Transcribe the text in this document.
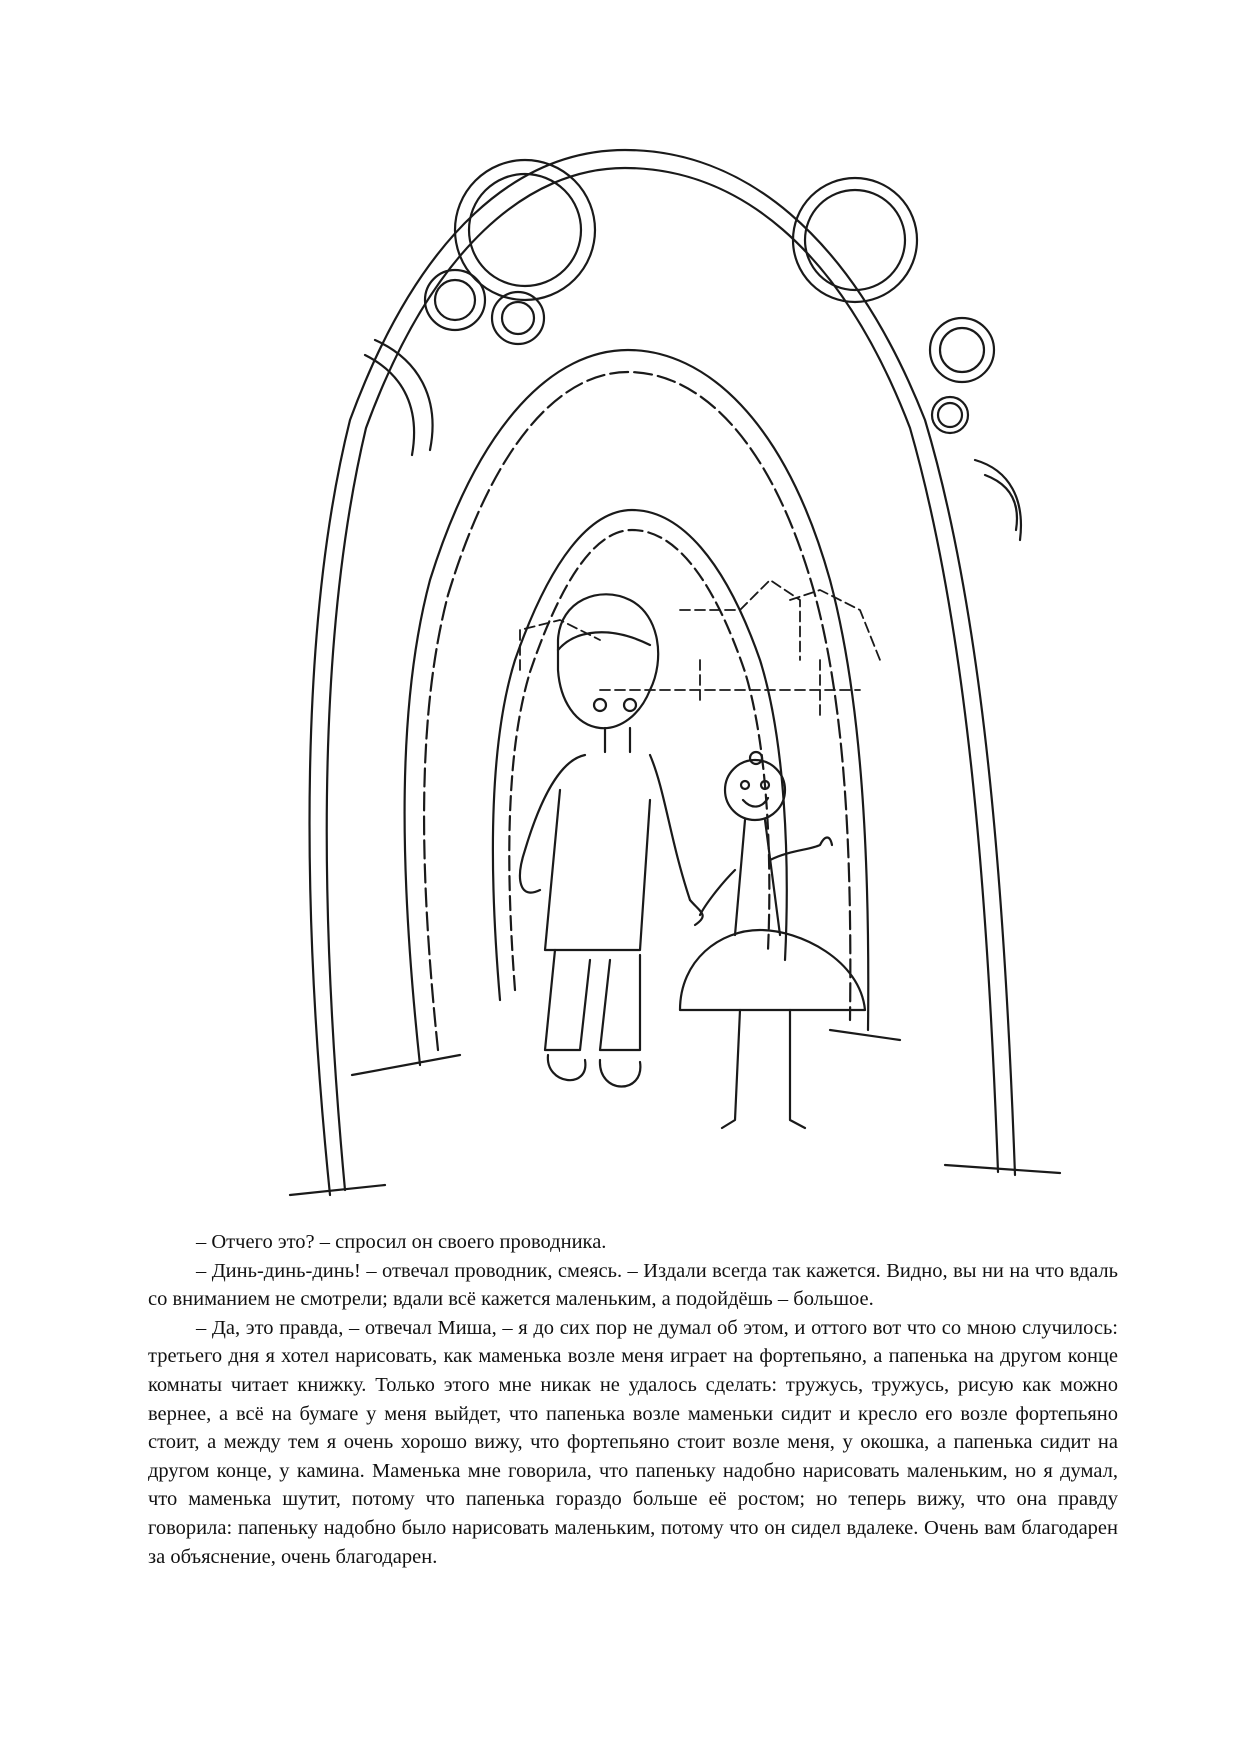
– Отчего это? – спросил он своего проводника.

– Динь-динь-динь! – отвечал проводник, смеясь. – Издали всегда так кажется. Видно, вы ни на что вдаль со вниманием не смотрели; вдали всё кажется маленьким, а подойдёшь – большое.

– Да, это правда, – отвечал Миша, – я до сих пор не думал об этом, и оттого вот что со мною случилось: третьего дня я хотел нарисовать, как маменька возле меня играет на фортепьяно, а папенька на другом конце комнаты читает книжку. Только этого мне никак не удалось сделать: тружусь, тружусь, рисую как можно вернее, а всё на бумаге у меня выйдет, что папенька возле маменьки сидит и кресло его возле фортепьяно стоит, а между тем я очень хорошо вижу, что фортепьяно стоит возле меня, у окошка, а папенька сидит на другом конце, у камина. Маменька мне говорила, что папеньку надобно нарисовать маленьким, но я думал, что маменька шутит, потому что папенька гораздо больше её ростом; но теперь вижу, что она правду говорила: папеньку надобно было нарисовать маленьким, потому что он сидел вдалеке. Очень вам благодарен за объяснение, очень благодарен.
